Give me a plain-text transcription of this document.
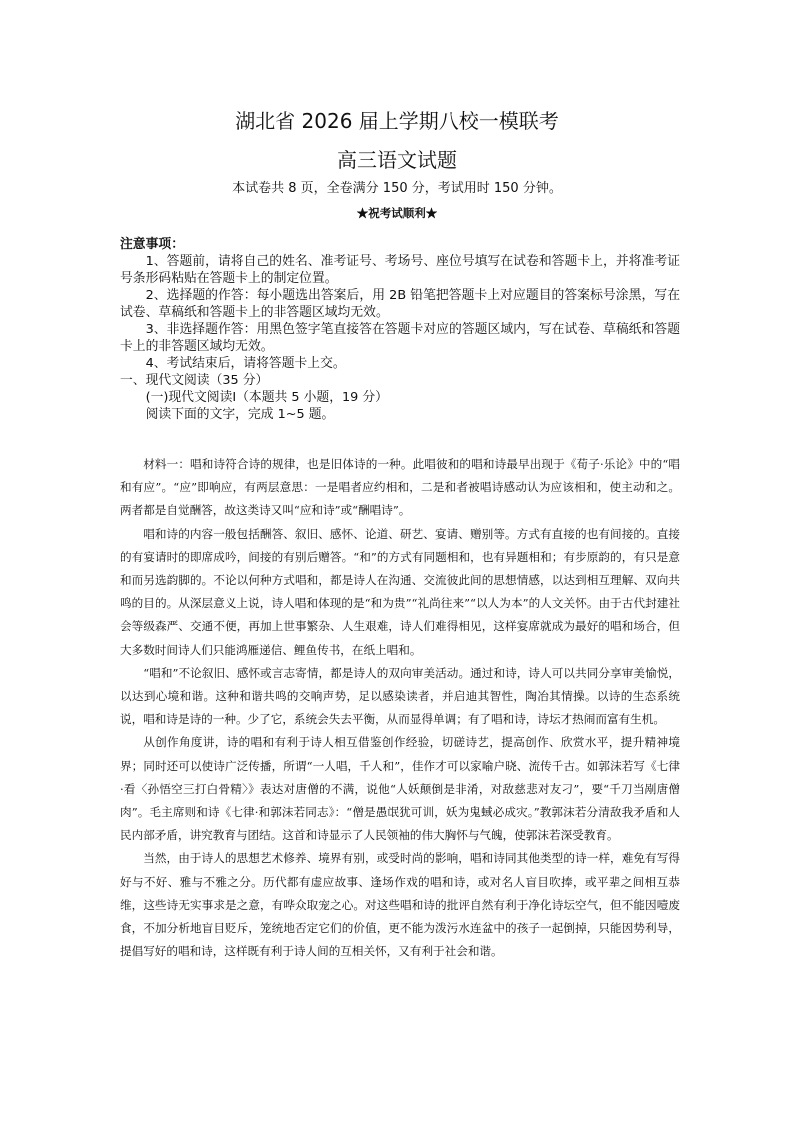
湖北省 2026 届上学期八校一模联考
高三语文试题
本试卷共 8 页，全卷满分 150 分，考试用时 150 分钟。
★祝考试顺利★

注意事项：

1、答题前，请将自己的姓名、准考证号、考场号、座位号填写在试卷和答题卡上，并将准考证号条形码粘贴在答题卡上的制定位置。

2、选择题的作答：每小题选出答案后，用 2B 铅笔把答题卡上对应题目的答案标号涂黑，写在试卷、草稿纸和答题卡上的非答题区域均无效。

3、非选择题作答：用黑色签字笔直接答在答题卡对应的答题区域内，写在试卷、草稿纸和答题卡上的非答题区域均无效。

4、考试结束后，请将答题卡上交。

一、现代文阅读（35 分）

(一)现代文阅读Ⅰ（本题共 5 小题，19 分）

阅读下面的文字，完成 1~5 题。

材料一：唱和诗符合诗的规律，也是旧体诗的一种。此唱彼和的唱和诗最早出现于《荀子·乐论》中的“唱和有应”。“应”即响应，有两层意思：一是唱者应约相和，二是和者被唱诗感动认为应该相和，使主动和之。两者都是自觉酬答，故这类诗又叫“应和诗”或“酬唱诗”。

唱和诗的内容一般包括酬答、叙旧、感怀、论道、研艺、宴请、赠别等。方式有直接的也有间接的。直接的有宴请时的即席成吟，间接的有别后赠答。“和”的方式有同题相和，也有异题相和；有步原韵的，有只是意和而另选韵脚的。不论以何种方式唱和，都是诗人在沟通、交流彼此间的思想情感，以达到相互理解、双向共鸣的目的。从深层意义上说，诗人唱和体现的是“和为贵”“礼尚往来”“以人为本”的人文关怀。由于古代封建社会等级森严、交通不便，再加上世事繁杂、人生艰难，诗人们难得相见，这样宴席就成为最好的唱和场合，但大多数时间诗人们只能鸿雁递信、鲤鱼传书，在纸上唱和。

“唱和”不论叙旧、感怀或言志寄情，都是诗人的双向审美活动。通过和诗，诗人可以共同分享审美愉悦，以达到心境和谐。这种和谐共鸣的交响声势，足以感染读者，并启迪其智性，陶冶其情操。以诗的生态系统说，唱和诗是诗的一种。少了它，系统会失去平衡，从而显得单调；有了唱和诗，诗坛才热闹而富有生机。

从创作角度讲，诗的唱和有利于诗人相互借鉴创作经验，切磋诗艺，提高创作、欣赏水平，提升精神境界；同时还可以使诗广泛传播，所谓“一人唱，千人和”，佳作才可以家喻户晓、流传千古。如郭沫若写《七律·看〈孙悟空三打白骨精〉》表达对唐僧的不满，说他“人妖颠倒是非淆，对敌慈悲对友刁”，要“千刀当剐唐僧肉”。毛主席则和诗《七律·和郭沫若同志》：“僧是愚氓犹可训，妖为鬼蜮必成灾。”教郭沫若分清敌我矛盾和人民内部矛盾，讲究教育与团结。这首和诗显示了人民领袖的伟大胸怀与气魄，使郭沫若深受教育。

当然，由于诗人的思想艺术修养、境界有别，或受时尚的影响，唱和诗同其他类型的诗一样，难免有写得好与不好、雅与不雅之分。历代都有虚应故事、逢场作戏的唱和诗，或对名人盲目吹捧，或平辈之间相互恭维，这些诗无实事求是之意，有哗众取宠之心。对这些唱和诗的批评自然有利于净化诗坛空气，但不能因噎废食，不加分析地盲目贬斥，笼统地否定它们的价值，更不能为泼污水连盆中的孩子一起倒掉，只能因势利导，提倡写好的唱和诗，这样既有利于诗人间的互相关怀，又有利于社会和谐。
